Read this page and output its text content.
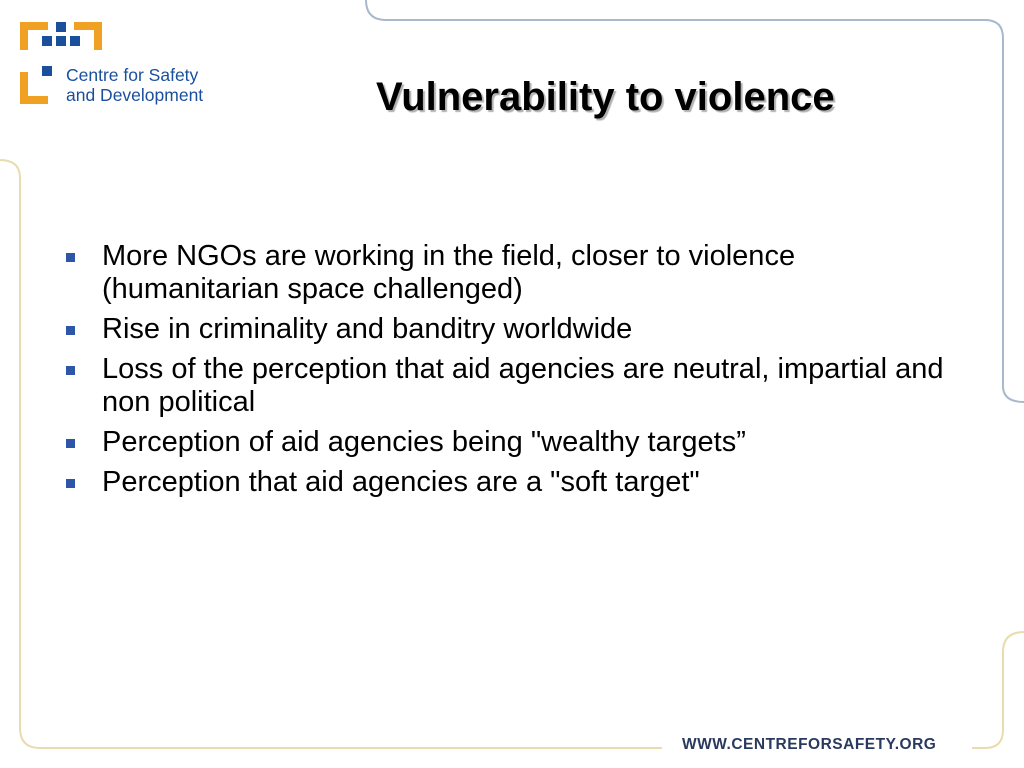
Centre for Safety
and Development	Vulnerability to violence
More NGOs are working in the field, closer to violence (humanitarian space challenged)
Rise in criminality and banditry worldwide
Loss of the perception that aid agencies are neutral, impartial and non political
Perception of aid agencies being "wealthy targets”
Perception that aid agencies are a "soft target"
WWW.CENTREFORSAFETY.ORG
